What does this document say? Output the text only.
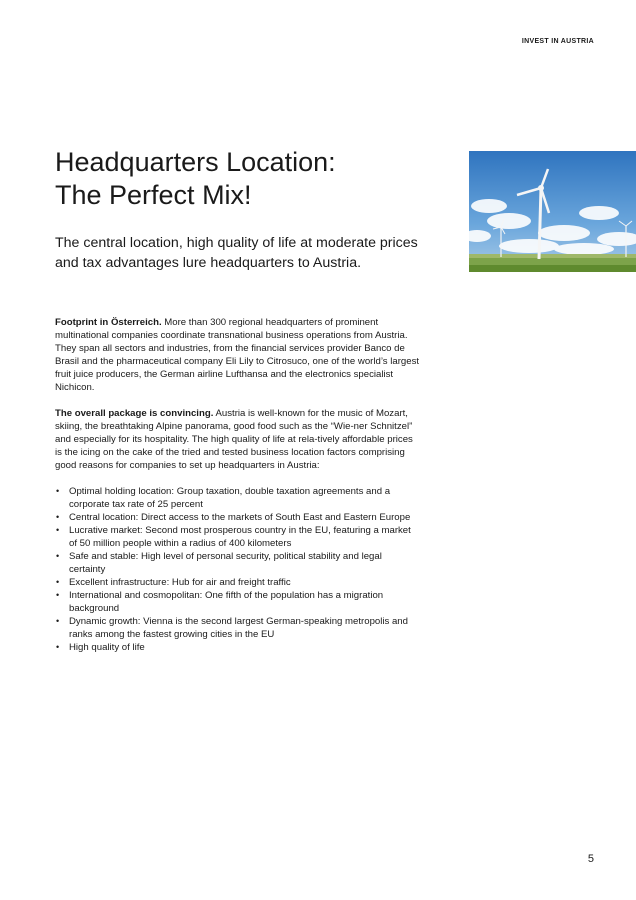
INVEST IN AUSTRIA
Headquarters Location:
The Perfect Mix!

The central location, high quality of life at moderate prices and tax advantages lure headquarters to Austria.

Footprint in Österreich. More than 300 regional headquarters of prominent multinational companies coordinate transnational business operations from Austria. They span all sectors and industries, from the financial services provider Banco de Brasil and the pharmaceutical company Eli Lily to Citrosuco, one of the world’s largest fruit juice producers, the German airline Lufthansa and the electronics specialist Nichicon.

The overall package is convincing. Austria is well-known for the music of Mozart, skiing, the breathtaking Alpine panorama, good food such as the “Wie-ner Schnitzel” and especially for its hospitality. The high quality of life at rela-tively affordable prices is the icing on the cake of the tried and tested business location factors comprising good reasons for companies to set up headquarters in Austria:

• Optimal holding location: Group taxation, double taxation agreements and a corporate tax rate of 25 percent
• Central location: Direct access to the markets of South East and Eastern Europe
• Lucrative market: Second most prosperous country in the EU, featuring a market of 50 million people within a radius of 400 kilometers
• Safe and stable: High level of personal security, political stability and legal certainty
• Excellent infrastructure: Hub for air and freight traffic
• International and cosmopolitan: One fifth of the population has a migration background
• Dynamic growth: Vienna is the second largest German-speaking metropolis and ranks among the fastest growing cities in the EU
• High quality of life
5
